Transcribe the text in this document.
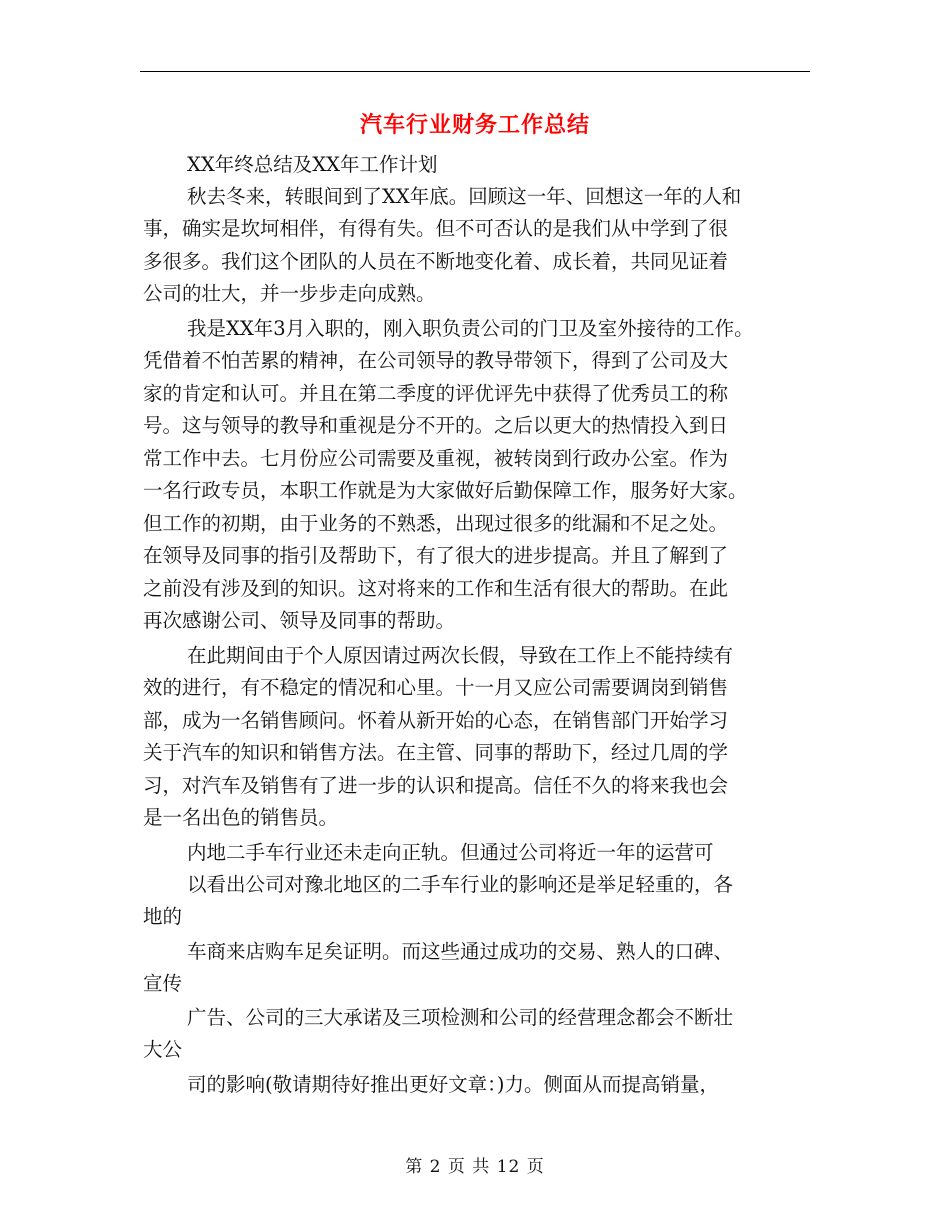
汽车行业财务工作总结

XX年终总结及XX年工作计划

秋去冬来，转眼间到了XX年底。回顾这一年、回想这一年的人和

事，确实是坎坷相伴，有得有失。但不可否认的是我们从中学到了很

多很多。我们这个团队的人员在不断地变化着、成长着，共同见证着

公司的壮大，并一步步走向成熟。

我是XX年3月入职的，刚入职负责公司的门卫及室外接待的工作。

凭借着不怕苦累的精神，在公司领导的教导带领下，得到了公司及大

家的肯定和认可。并且在第二季度的评优评先中获得了优秀员工的称

号。这与领导的教导和重视是分不开的。之后以更大的热情投入到日

常工作中去。七月份应公司需要及重视，被转岗到行政办公室。作为

一名行政专员，本职工作就是为大家做好后勤保障工作，服务好大家。

但工作的初期，由于业务的不熟悉，出现过很多的纰漏和不足之处。

在领导及同事的指引及帮助下，有了很大的进步提高。并且了解到了

之前没有涉及到的知识。这对将来的工作和生活有很大的帮助。在此

再次感谢公司、领导及同事的帮助。

在此期间由于个人原因请过两次长假，导致在工作上不能持续有

效的进行，有不稳定的情况和心里。十一月又应公司需要调岗到销售

部，成为一名销售顾问。怀着从新开始的心态，在销售部门开始学习

关于汽车的知识和销售方法。在主管、同事的帮助下，经过几周的学

习，对汽车及销售有了进一步的认识和提高。信任不久的将来我也会

是一名出色的销售员。

内地二手车行业还未走向正轨。但通过公司将近一年的运营可

以看出公司对豫北地区的二手车行业的影响还是举足轻重的，各

地的

车商来店购车足矣证明。而这些通过成功的交易、熟人的口碑、

宣传

广告、公司的三大承诺及三项检测和公司的经营理念都会不断壮

大公

司的影响(敬请期待好推出更好文章：)力。侧面从而提高销量，

第 2 页 共 12 页
